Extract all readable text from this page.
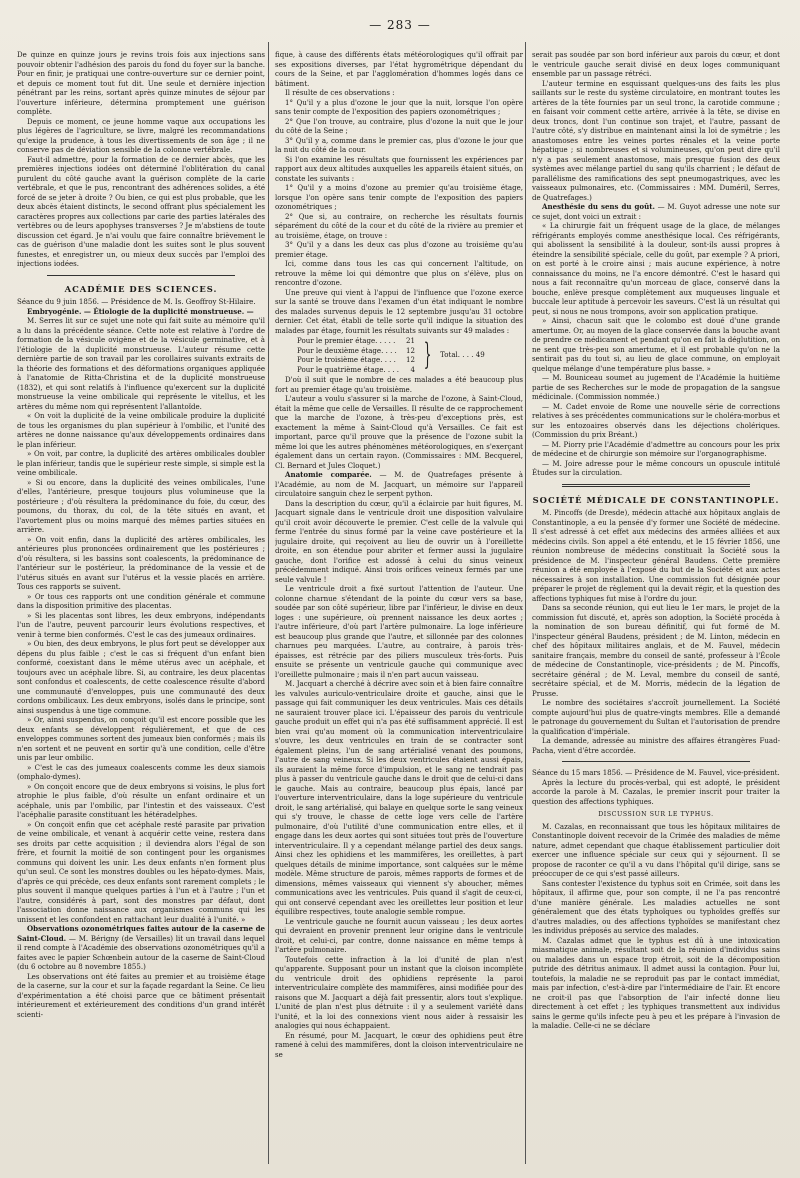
— 283 —

De quinze en quinze jours je revins trois fois aux injections sans pouvoir obtenir l'adhésion des parois du fond du foyer sur la banche. Pour en finir, je pratiquai une contre-ouverture sur ce dernier point, et depuis ce moment tout fut dit. Une seule et dernière injection pénétrant par les reins, sortant après quinze minutes de séjour par l'ouverture inférieure, détermina promptement une guérison complète.

Depuis ce moment, ce jeune homme vaque aux occupations les plus légères de l'agriculture, se livre, malgré les recommandations qu'exige la prudence, à tous les divertissements de son âge ; il ne conserve pas de déviation sensible de la colonne vertébrale.

Faut-il admettre, pour la formation de ce dernier abcès, que les premières injections iodées ont déterminé l'oblitération du canal purulent du côté gauche avant la guérison complète de la carie vertébrale, et que le pus, rencontrant des adhérences solides, a été forcé de se jeter à droite ? Ou bien, ce qui est plus probable, que les deux abcès étaient distincts, le second offrant plus spécialement les caractères propres aux collections par carie des parties latérales des vertèbres ou de leurs apophyses transverses ? Je m'abstiens de toute discussion cet égard. Je n'ai voulu que faire connaître brièvement le cas de guérison d'une maladie dont les suites sont le plus souvent funestes, et enregistrer un, ou mieux deux succès par l'emploi des injections iodées.

ACADÉMIE DES SCIENCES.

Séance du 9 juin 1856. — Présidence de M. Is. Geoffroy St-Hilaire.

Embryogénie. — Étiologie de la duplicité monstrueuse. —

M. Serres lit sur ce sujet une note qui fait suite au mémoire qu'il a lu dans la précédente séance. Cette note est relative à l'ordre de formation de la vésicule ovigène et de la vésicule germinative, et à l'étiologie de la duplicité monstrueuse. L'auteur résume cette dernière partie de son travail par les corollaires suivants extraits de la théorie des formations et des déformations organiques appliquée à l'anatomie de Ritta-Christina et de la duplicité monstrueuse (1832), et qui sont relatifs à l'influence qu'exercent sur la duplicité monstrueuse la veine ombilicale qui représente le vitellus, et les artères du même nom qui représentent l'allantoïde.

« On voit la duplicité de la veine ombilicale produire la duplicité de tous les organismes du plan supérieur à l'ombilic, et l'unité des artères ne donne naissance qu'aux développements ordinaires dans le plan inférieur.

» On voit, par contre, la duplicité des artères ombilicales doubler le plan inférieur, tandis que le supérieur reste simple, si simple est la veine ombilicale.

» Si ou encore, dans la duplicité des veines ombilicales, l'une d'elles, l'antérieure, presque toujours plus volumineuse que la postérieure ; d'où résultera la prédominance du foie, du cœur, des poumons, du thorax, du col, de la tête situés en avant, et l'avortement plus ou moins marqué des mêmes parties situées en arrière.

» On voit enfin, dans la duplicité des artères ombilicales, les antérieures plus prononcées ordinairement que les postérieures ; d'où résultera, si les bassins sont coalescents, la prédominance de l'antérieur sur le postérieur, la prédominance de la vessie et de l'utérus situés en avant sur l'utérus et la vessie placés en arrière. Tous ces rapports se suivent.

» Or tous ces rapports ont une condition générale et commune dans la disposition primitive des placentas.

» Si les placentas sont libres, les deux embryons, indépendants l'un de l'autre, peuvent parcourir leurs évolutions respectives, et venir à terme bien conformés. C'est le cas des jumeaux ordinaires.

» Ou bien, des deux embryons, le plus fort peut se développer aux dépens du plus faible ; c'est le cas si fréquent d'un enfant bien conformé, coexistant dans le même utérus avec un acéphale, et toujours avec un acéphale libre. Si, au contraire, les deux placentas sont confondus et coalescents, de cette coalescence résulte d'abord une communauté d'enveloppes, puis une communauté des deux cordons ombilicaux. Les deux embryons, isolés dans le principe, sont ainsi suspendus à une tige commune.

» Or, ainsi suspendus, on conçoit qu'il est encore possible que les deux enfants se développent régulièrement, et que de ces enveloppes communes sortent des jumeaux bien conformés ; mais ils n'en sortent et ne peuvent en sortir qu'à une condition, celle d'être unis par leur ombilic.

» C'est le cas des jumeaux coalescents comme les deux siamois (omphalo-dymes).

» On conçoit encore que de deux embryons si voisins, le plus fort atrophie le plus faible, d'où résulte un enfant ordinaire et un acéphale, unis par l'ombilic, par l'intestin et des vaisseaux. C'est l'acéphalie parasite constituant les hétéradelphes.

» On conçoit enfin que cet acéphale resté parasite par privation de veine ombilicale, et venant à acquérir cette veine, restera dans ses droits par cette acquisition ; il deviendra alors l'égal de son frère, et fournit la moitié de son contingent pour les organismes communs qui doivent les unir. Les deux enfants n'en forment plus qu'un seul. Ce sont les monstres doubles ou les hépato-dymes. Mais, d'après ce qui précède, ces deux enfants sont rarement complets ; le plus souvent il manque quelques parties à l'un et à l'autre ; l'un et l'autre, considérés à part, sont des monstres par défaut, dont l'association donne naissance aux organismes communs qui les unissent et les confondent en rattachant leur dualité à l'unité. »

Observations ozonométriques faites autour de la caserne de Saint-Cloud. — M. Bérigny (de Versailles) lit un travail dans lequel il rend compte à l'Académie des observations ozonométriques qu'il a faites avec le papier Schœnbein autour de la caserne de Saint-Cloud (du 6 octobre au 8 novembre 1855.)

Les observations ont été faites au premier et au troisième étage de la caserne, sur la cour et sur la façade regardant la Seine. Ce lieu d'expérimentation a été choisi parce que ce bâtiment présentait intérieurement et extérieurement des conditions d'un grand intérêt scienti-

fique, à cause des différents états météorologiques qu'il offrait par ses expositions diverses, par l'état hygrométrique dépendant du cours de la Seine, et par l'agglomération d'hommes logés dans ce bâtiment.

Il résulte de ces observations :

1° Qu'il y a plus d'ozone le jour que la nuit, lorsque l'on opère sans tenir compte de l'exposition des papiers ozonométriques ;

2° Que l'on trouve, au contraire, plus d'ozone la nuit que le jour du côté de la Seine ;

3° Qu'il y a, comme dans le premier cas, plus d'ozone le jour que la nuit du côté de la cour.

Si l'on examine les résultats que fournissent les expériences par rapport aux deux altitudes auxquelles les appareils étaient situés, on constate les suivants :

1° Qu'il y a moins d'ozone au premier qu'au troisième étage, lorsque l'on opère sans tenir compte de l'exposition des papiers ozonométriques ;

2° Que si, au contraire, on recherche les résultats fournis séparément du côté de la cour et du côté de la rivière au premier et au troisième, étage, on trouve :

3° Qu'il y a dans les deux cas plus d'ozone au troisième qu'au premier étage.

Ici, comme dans tous les cas qui concernent l'altitude, on retrouve la même loi qui démontre que plus on s'élève, plus on rencontre d'ozone.

Une preuve qui vient à l'appui de l'influence que l'ozone exerce sur la santé se trouve dans l'examen d'un état indiquant le nombre des malades survenus depuis le 12 septembre jusqu'au 31 octobre dernier. Cet état, établi de telle sorte qu'il indique la situation des malades par étage, fournit les résultats suivants sur 49 malades :

Pour le premier étage. . . . . 21
Pour le deuxième étage. . . . 12
Pour le troisième étage. . . . 12
Pour le quatrième étage. . . . 4 } Total. . . . 49

D'où il suit que le nombre de ces malades a été beaucoup plus fort au premier étage qu'au troisième.

L'auteur a voulu s'assurer si la marche de l'ozone, à Saint-Cloud, était la même que celle de Versailles. Il résulte de ce rapprochement que la marche de l'ozone, à très-peu d'exceptions près, est exactement la même à Saint-Cloud qu'à Versailles. Ce fait est important, parce qu'il prouve que la présence de l'ozone subit la même loi que les autres phénomènes météorologiques, en s'exerçant également dans un certain rayon. (Commissaires : MM. Becquerel, Cl. Bernard et Jules Cloquet.)

Anatomie comparée. — M. de Quatrefages présente à l'Académie, au nom de M. Jacquart, un mémoire sur l'appareil circulatoire sanguin chez le serpent python.

Dans la description du cœur, qu'il a éclaircie par huit figures, M. Jacquart signale dans le ventricule droit une disposition valvulaire qu'il croit avoir découverte le premier. C'est celle de la valvule qui ferme l'entrée du sinus formé par la veine cave postérieure et la jugulaire droite, qui reçoivent au lieu de ouvrir un à l'oreillette droite, en son étendue pour abriter et fermer aussi la jugulaire gauche, dont l'orifice est adossé à celui du sinus veineux précédemment indiqué. Ainsi trois orifices veineux fermés par une seule valvule !

Le ventricule droit a fixé surtout l'attention de l'auteur. Une colonne charnue s'étendant de la pointe du cœur vers sa base, soudée par son côté supérieur, libre par l'inférieur, le divise en deux loges : une supérieure, où prennent naissance les deux aortes ; l'autre inférieure, d'où part l'artère pulmonaire. La loge inférieure est beaucoup plus grande que l'autre, et sillonnée par des colonnes charnues peu marquées. L'autre, au contraire, à parois très-épaisses, est rétrécie par des piliers musculeux très-forts. Puis ensuite se présente un ventricule gauche qui communique avec l'oreillette pulmonaire ; mais il n'en part aucun vaisseau.

M. Jacquart a cherché à décrire avec soin et à bien faire connaître les valvules auriculo-ventriculaire droite et gauche, ainsi que le passage qui fait communiquer les deux ventricules. Mais ces détails ne sauraient trouver place ici. L'épaisseur des parois du ventricule gauche produit un effet qui n'a pas été suffisamment apprécié. Il est bien vrai qu'au moment où la communication interventriculaire s'ouvre, les deux ventricules en train de se contracter sont également pleins, l'un de sang artérialisé venant des poumons, l'autre de sang veineux. Si les deux ventricules étaient aussi épais, ils auraient la même force d'impulsion, et le sang ne tendrait pas plus à passer du ventricule gauche dans le droit que de celui-ci dans le gauche. Mais au contraire, beaucoup plus épais, lancé par l'ouverture interventriculaire, dans la loge supérieure du ventricule droit, le sang artérialisé, qui balaye en quelque sorte le sang veineux qui s'y trouve, le chasse de cette loge vers celle de l'artère pulmonaire, d'où l'utilité d'une communication entre elles, et il engage dans les deux aortes qui sont situées tout près de l'ouverture interventriculaire. Il y a cependant mélange partiel des deux sangs. Ainsi chez les ophidiens et les mammifères, les oreillettes, à part quelques détails de minime importance, sont calquées sur le même modèle. Même structure de parois, mêmes rapports de formes et de dimensions, mêmes vaisseaux qui viennent s'y aboucher, mêmes communications avec les ventricules. Puis quand il s'agit de ceux-ci, qui ont conservé cependant avec les oreillettes leur position et leur équilibre respectives, toute analogie semble rompue.

Le ventricule gauche ne fournit aucun vaisseau ; les deux aortes qui devraient en provenir prennent leur origine dans le ventricule droit, et celui-ci, par contre, donne naissance en même temps à l'artère pulmonaire.

Toutefois cette infraction à la loi d'unité de plan n'est qu'apparente. Supposant pour un instant que la cloison incomplète du ventricule droit des ophidiens représente la paroi interventriculaire complète des mammifères, ainsi modifiée pour des raisons que M. Jacquart a déjà fait pressentir, alors tout s'explique. L'unité de plan n'est plus détruite : il y a seulement variété dans l'unité, et la loi des connexions vient nous aider à ressaisir les analogies qui nous échappaient.

En résumé, pour M. Jacquart, le cœur des ophidiens peut être ramené à celui des mammifères, dont la cloison interventriculaire ne se

serait pas soudée par son bord inférieur aux parois du cœur, et dont le ventricule gauche serait divisé en deux loges communiquant ensemble par un passage rétréci.

L'auteur termine en esquissant quelques-uns des faits les plus saillants sur le reste du système circulatoire, en montrant toutes les artères de la tête fournies par un seul tronc, la carotide commune ; en faisant voir comment cette artère, arrivée à la tête, se divise en deux troncs, dont l'un continue son trajet, et l'autre, passant de l'autre côté, s'y distribue en maintenant ainsi la loi de symétrie ; les anastomoses entre les veines portes rénales et la veine porte hépatique ; si nombreuses et si volumineuses, qu'on peut dire qu'il n'y a pas seulement anastomose, mais presque fusion des deux systèmes avec mélange partiel du sang qu'ils charrient ; le défaut de parallélisme des ramifications des sept pneumogastriques, avec les vaisseaux pulmonaires, etc. (Commissaires : MM. Duméril, Serres, de Quatrefages.)

Anesthésie du sens du goût. — M. Guyot adresse une note sur ce sujet, dont voici un extrait :

« La chirurgie fait un fréquent usage de la glace, de mélanges réfrigérants employés comme anesthésique local. Ces réfrigérants, qui abolissent la sensibilité à la douleur, sont-ils aussi propres à éteindre la sensibilité spéciale, celle du goût, par exemple ? A priori, on est porté à le croire ainsi ; mais aucune expérience, à notre connaissance du moins, ne l'a encore démontré. C'est le hasard qui nous a fait reconnaître qu'un morceau de glace, conservé dans la bouche, enlève presque complètement aux muqueuses linguale et buccale leur aptitude à percevoir les saveurs. C'est là un résultat qui peut, si nous ne nous trompons, avoir son application pratique.

» Ainsi, chacun sait que le colombo est doué d'une grande amertume. Or, au moyen de la glace conservée dans la bouche avant de prendre ce médicament et pendant qu'on en fait la déglutition, on ne sent que très-peu son amertume, et il est probable qu'on ne la sentirait pas du tout si, au lieu de glace commune, on employait quelque mélange d'une température plus basse. »

— M. Bouniceau soumet au jugement de l'Académie la huitième partie de ses Recherches sur le mode de propagation de la sangsue médicinale. (Commission nommée.)

— M. Cadet envoie de Rome une nouvelle série de corrections relatives à ses précédentes communications sur le choléra-morbus et sur les entozoaires observés dans les déjections cholériques. (Commission du prix Bréant.)

— M. Piorry prie l'Académie d'admettre au concours pour les prix de médecine et de chirurgie son mémoire sur l'organographisme.

— M. Joire adresse pour le même concours un opuscule intitulé Études sur la circulation.

SOCIÉTÉ MÉDICALE DE CONSTANTINOPLE.

M. Pincoffs (de Dresde), médecin attaché aux hôpitaux anglais de Constantinople, a eu la pensée d'y former une Société de médecine. Il s'est adressé à cet effet aux médecins des armées alliées et aux médecins civils. Son appel a été entendu, et le 15 février 1856, une réunion nombreuse de médecins constituait la Société sous la présidence de M. l'inspecteur général Baudens. Cette première réunion a été employée à l'exposé du but de la Société et aux actes nécessaires à son installation. Une commission fut désignée pour préparer le projet de règlement qui la devait régir, et la question des affections typhiques fut mise à l'ordre du jour.

Dans sa seconde réunion, qui eut lieu le 1er mars, le projet de la commission fut discuté, et, après son adoption, la Société procéda à la nomination de son bureau définitif, qui fut formé de M. l'inspecteur général Baudens, président ; de M. Linton, médecin en chef des hôpitaux militaires anglais, et de M. Fauvel, médecin sanitaire français, membre du conseil de santé, professeur à l'École de médecine de Constantinople, vice-présidents ; de M. Pincoffs, secrétaire général ; de M. Leval, membre du conseil de santé, secrétaire spécial, et de M. Morris, médecin de la légation de Prusse.

Le nombre des sociétaires s'accroît journellement. La Société compte aujourd'hui plus de quatre-vingts membres. Elle a demandé le patronage du gouvernement du Sultan et l'autorisation de prendre la qualification d'impériale.

La demande, adressée au ministre des affaires étrangères Fuad-Pacha, vient d'être accordée.

Séance du 15 mars 1856. — Présidence de M. Fauvel, vice-président.

Après la lecture du procès-verbal, qui est adopté, le président accorde la parole à M. Cazalas, le premier inscrit pour traiter la question des affections typhiques.

DISCUSSION SUR LE TYPHUS.

M. Cazalas, en reconnaissant que tous les hôpitaux militaires de Constantinople doivent recevoir de la Crimée des maladies de même nature, admet cependant que chaque établissement particulier doit exercer une influence spéciale sur ceux qui y séjournent. Il se propose de raconter ce qu'il a vu dans l'hôpital qu'il dirige, sans se préoccuper de ce qui s'est passé ailleurs.

Sans contester l'existence du typhus soit en Crimée, soit dans les hôpitaux, il affirme que, pour son compte, il ne l'a pas rencontré d'une manière générale. Les maladies actuelles ne sont généralement que des états typhoïques ou typhoïdes greffés sur d'autres maladies, ou des affections typhoïdes se manifestant chez les individus préposés au service des malades.

M. Cazalas admet que le typhus est dû à une intoxication miasmatique animale, résultant soit de la réunion d'individus sains ou malades dans un espace trop étroit, soit de la décomposition putride des détritus animaux. Il admet aussi la contagion. Pour lui, toutefois, la maladie ne se reproduit pas par le contact immédiat, mais par infection, c'est-à-dire par l'intermédiaire de l'air. Et encore ne croit-il pas que l'absorption de l'air infecté donne lieu directement à cet effet ; les typhiques transmettent aux individus sains le germe qu'ils infecte peu à peu et les prépare à l'invasion de la maladie. Celle-ci ne se déclare
